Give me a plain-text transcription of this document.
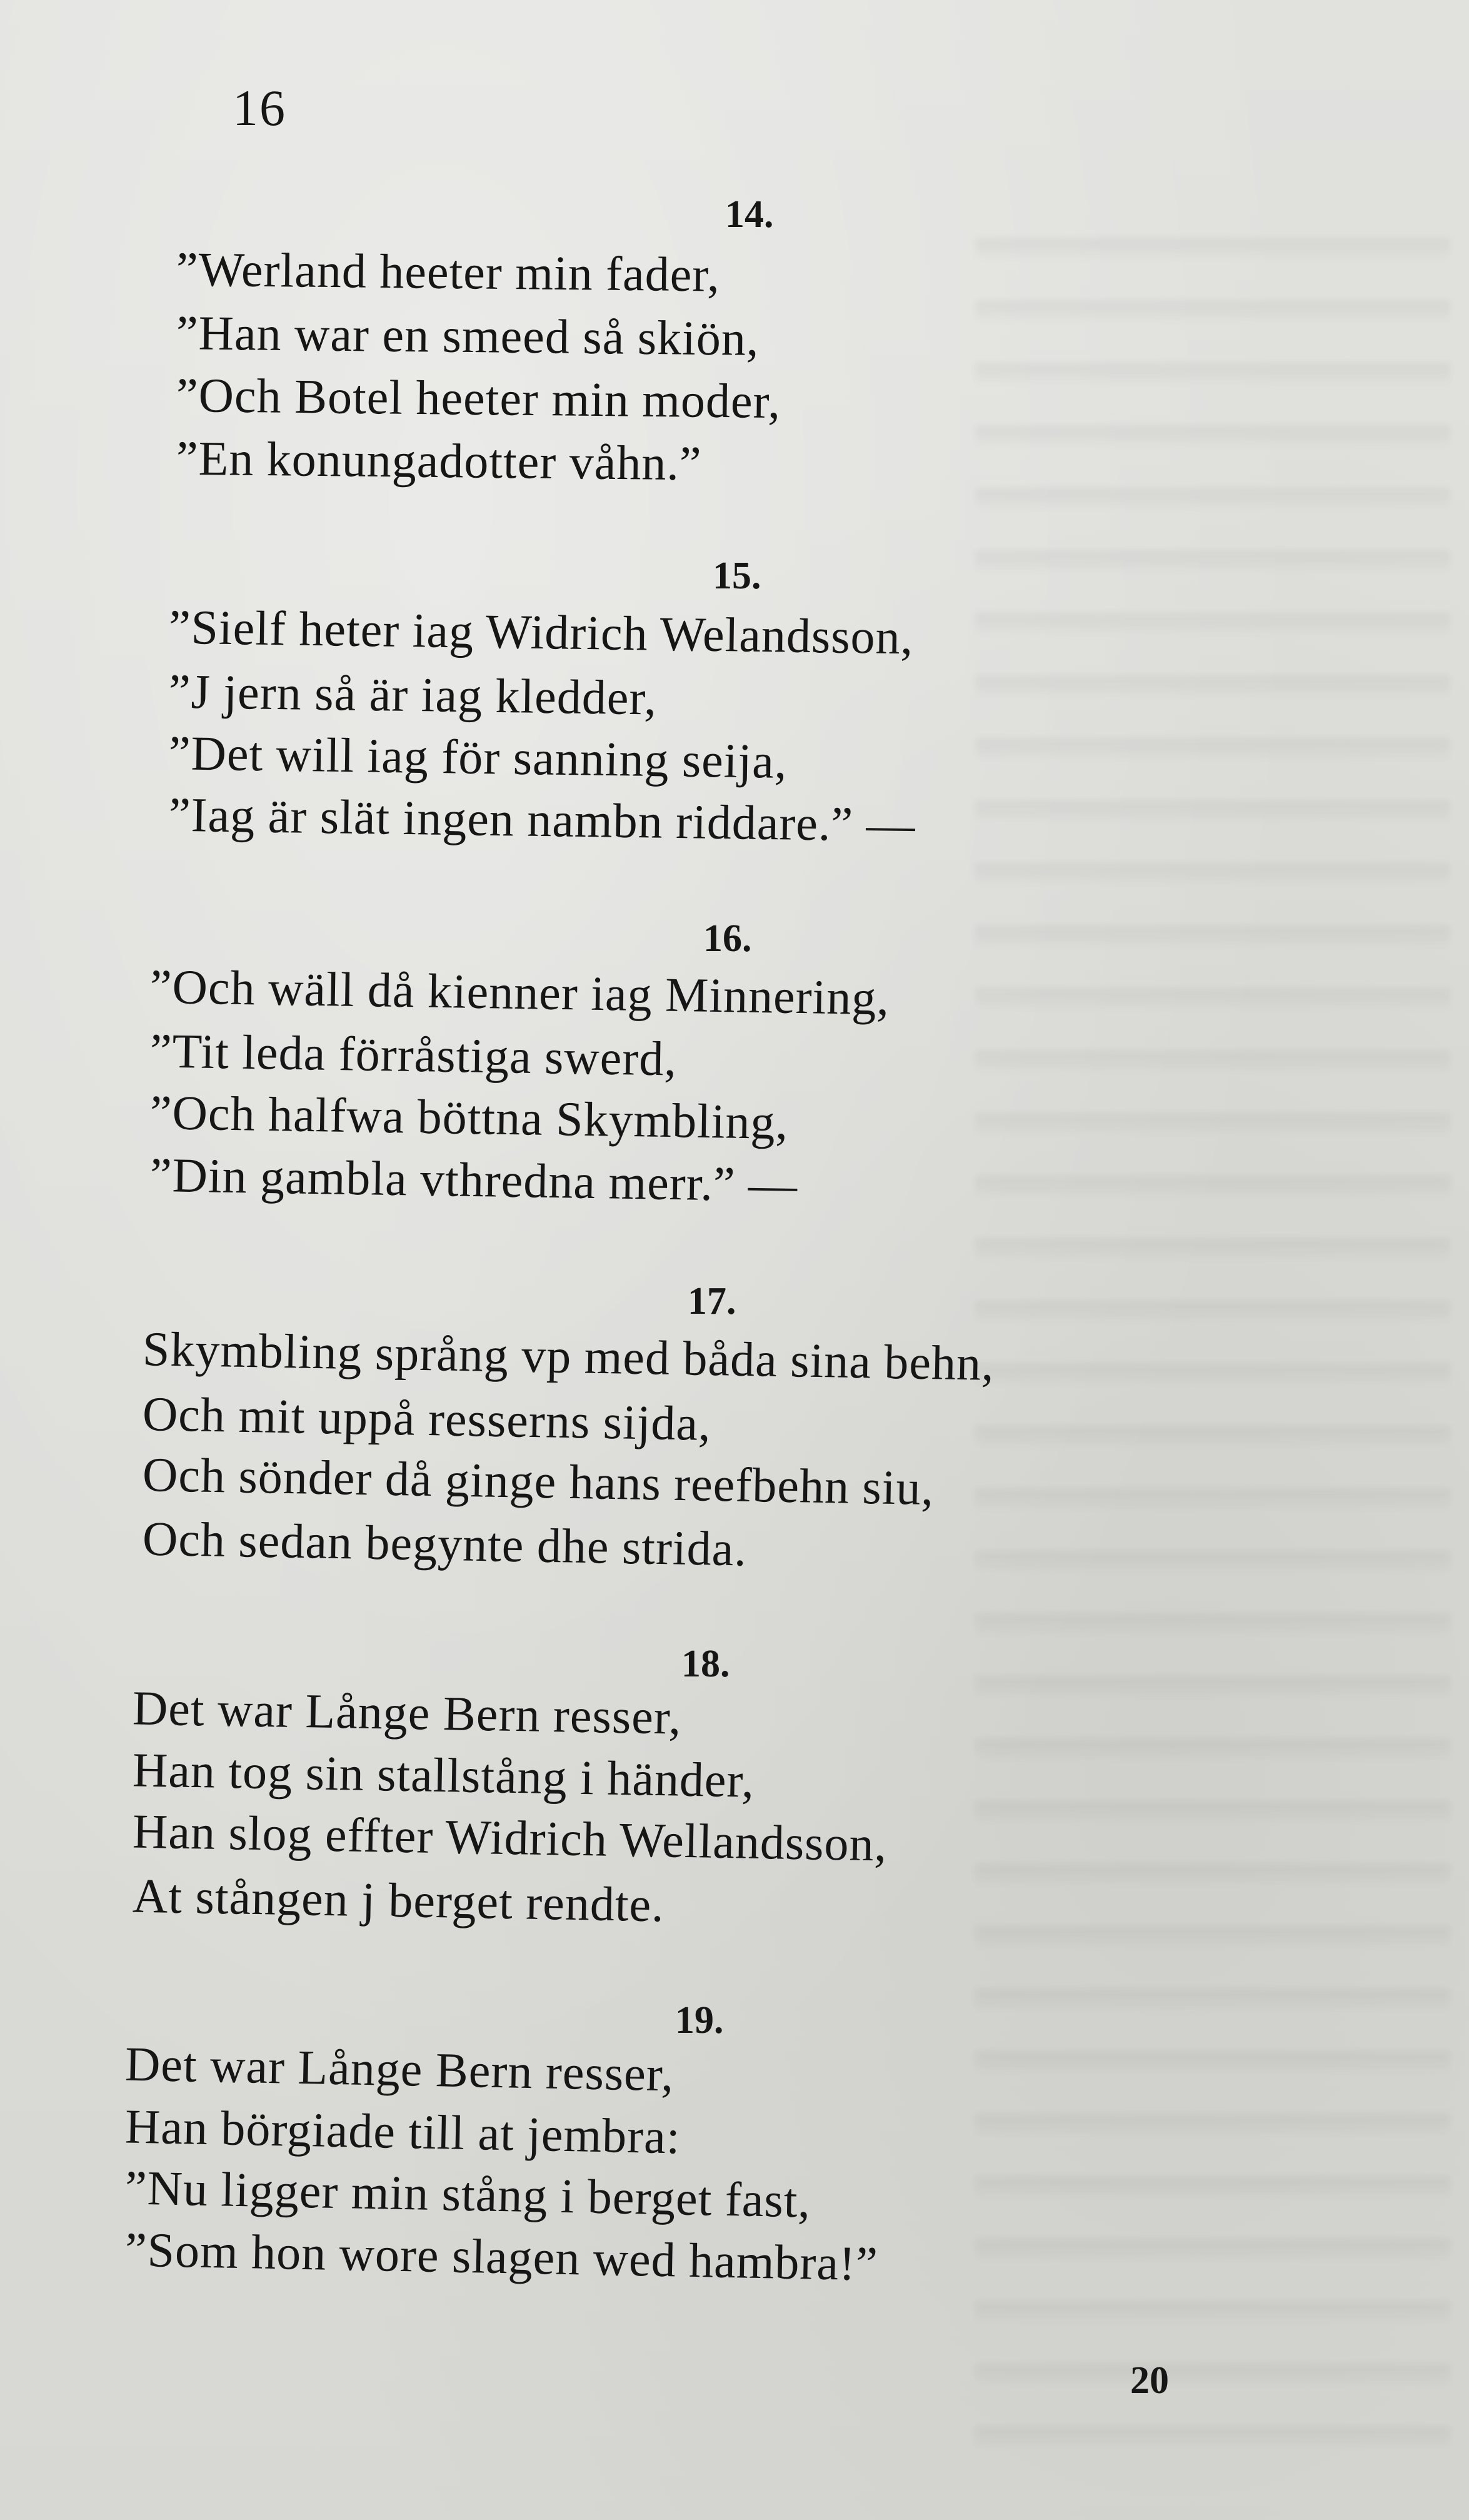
16
14.
”Werland heeter min fader,
”Han war en smeed så skiön,
”Och Botel heeter min moder,
”En konungadotter våhn.”
15.
”Sielf heter iag Widrich Welandsson,
”J jern så är iag kledder,
”Det will iag för sanning seija,
”Iag är slät ingen nambn riddare.” —
16.
”Och wäll då kienner iag Minnering,
”Tit leda förråstiga swerd,
”Och halfwa böttna Skymbling,
”Din gambla vthredna merr.” —
17.
Skymbling språng vp med båda sina behn,
Och mit uppå resserns sijda,
Och sönder då ginge hans reefbehn siu,
Och sedan begynte dhe strida.
18.
Det war Långe Bern resser,
Han tog sin stallstång i händer,
Han slog effter Widrich Wellandsson,
At stången j berget rendte.
19.
Det war Långe Bern resser,
Han börgiade till at jembra:
”Nu ligger min stång i berget fast,
”Som hon wore slagen wed hambra!”
20
